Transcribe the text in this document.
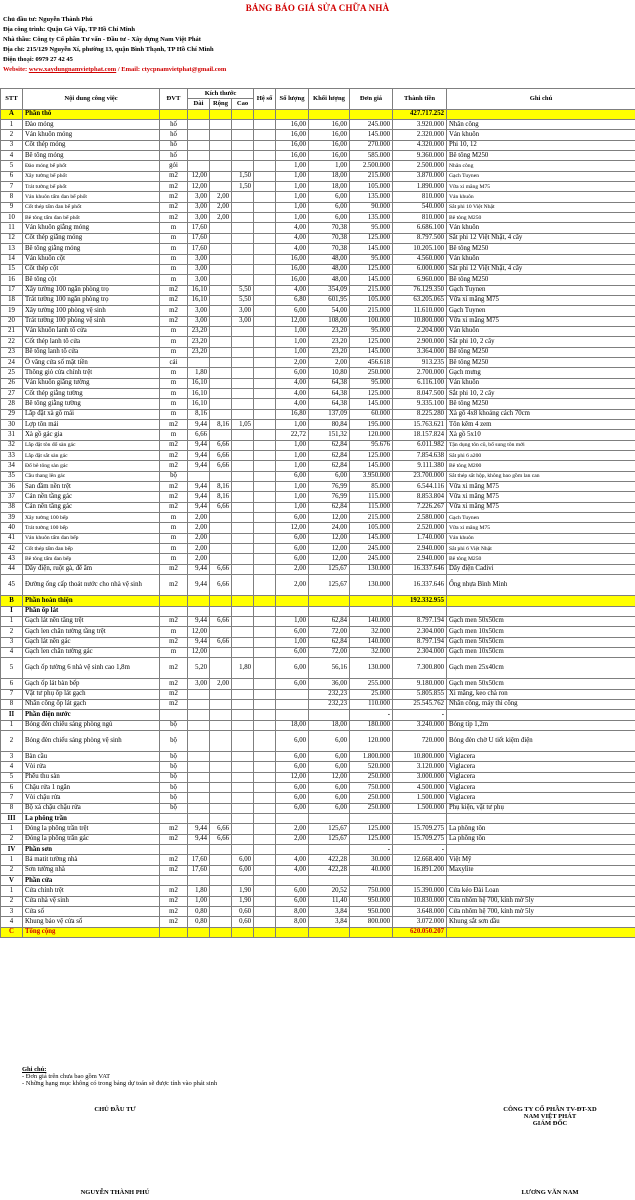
BẢNG BÁO GIÁ SỬA CHỮA NHÀ
Chủ đầu tư: Nguyễn Thành Phú
Địa công trình: Quận Gò Vấp, TP Hồ Chí Minh
Nhà thầu: Công ty Cổ phần Tư vấn - Đầu tư - Xây dựng Nam Việt Phát
Địa chỉ: 215/129 Nguyễn Xí, phường 13, quận Bình Thạnh, TP Hồ Chí Minh
Điện thoại: 0979 27 42 45
Website: www.xaydungnamvietphat.com / Email: ctycpnamvietphat@gmail.com
STT	Nội dung công việc	ĐVT	Kích thước			Hệ số	Số lượng	Khối lượng	Đơn giá	Thành tiền	Ghi chú
			Dài	Rộng	Cao						
A	Phần thô									427.717.252	
1	Đào móng	hố					16,00	16,00	245.000	3.920.000	Nhân công
2	Ván khuôn móng	hố					16,00	16,00	145.000	2.320.000	Ván khuôn
3	Cốt thép móng	hố					16,00	16,00	270.000	4.320.000	Phi 10, 12
4	Bê tông móng	hố					16,00	16,00	585.000	9.360.000	Bê tông M250
5	Đào móng bể phốt	gói					1,00	1,00	2.500.000	2.500.000	Nhân công
6	Xây tường bể phốt	m2	12,00		1,50		1,00	18,00	215.000	3.870.000	Gạch Tuynen
7	Trát tường bể phốt	m2	12,00		1,50		1,00	18,00	105.000	1.890.000	Vữa xi măng M75
8	Ván khuôn tấm đan bể phốt	m2	3,00	2,00			1,00	6,00	135.000	810.000	Ván khuôn
9	Cốt thép tấm đan bể phốt	m2	3,00	2,00			1,00	6,00	90.000	540.000	Sắt phi 10 Việt Nhật
10	Bê tông tấm đan bể phốt	m2	3,00	2,00			1,00	6,00	135.000	810.000	Bê tông M250
11	Ván khuôn giằng móng	m	17,60				4,00	70,38	95.000	6.686.100	Ván khuôn
12	Cốt thép giằng móng	m	17,60				4,00	70,38	125.000	8.797.500	Sắt phi 12 Việt Nhật, 4 cây
13	Bê tông giằng móng	m	17,60				4,00	70,38	145.000	10.205.100	Bê tông M250
14	Ván khuôn cột	m	3,00				16,00	48,00	95.000	4.560.000	Ván khuôn
15	Cốt thép cột	m	3,00				16,00	48,00	125.000	6.000.000	Sắt phi 12 Việt Nhật, 4 cây
16	Bê tông cột	m	3,00				16,00	48,00	145.000	6.960.000	Bê tông M250
17	Xây tường 100 ngăn phòng trọ	m2	16,10		5,50		4,00	354,09	215.000	76.129.350	Gạch Tuynen
18	Trát tường 100 ngăn phòng trọ	m2	16,10		5,50		6,80	601,95	105.000	63.205.065	Vữa xi măng M75
19	Xây tường 100 phòng vệ sinh	m2	3,00		3,00		6,00	54,00	215.000	11.610.000	Gạch Tuynen
20	Trát tường 100 phòng vệ sinh	m2	3,00		3,00		12,00	108,00	100.000	10.800.000	Vữa xi măng M75
21	Ván khuôn lanh tô cửa	m	23,20				1,00	23,20	95.000	2.204.000	Ván khuôn
22	Cốt thép lanh tô cửa	m	23,20				1,00	23,20	125.000	2.900.000	Sắt phi 10, 2 cây
23	Bê tông lanh tô cửa	m	23,20				1,00	23,20	145.000	3.364.000	Bê tông M250
24	Ô văng cửa sổ mặt tiền	cái					2,00	2,00	456.618	913.235	Bê tông M250
25	Thông giỏ cửa chính trệt	m	1,80				6,00	10,80	250.000	2.700.000	Gạch mưng
26	Ván khuôn giằng tường	m	16,10				4,00	64,38	95.000	6.116.100	Ván khuôn
27	Cốt thép giằng tường	m	16,10				4,00	64,38	125.000	8.047.500	Sắt phi 10, 2 cây
28	Bê tông giằng tường	m	16,10				4,00	64,38	145.000	9.335.100	Bê tông M250
29	Lắp đặt xà gồ mái	m	8,16				16,80	137,09	60.000	8.225.280	Xà gồ 4x8 khoảng cách 70cm
30	Lợp tôn mái	m2	9,44	8,16	1,05		1,00	80,84	195.000	15.763.621	Tôn kẽm 4 zem
31	Xà gồ gác gia	m	6,66				22,72	151,32	120.000	18.157.824	Xà gồ 5x10
32	Lắp đặt tôn đổ sàn gác	m2	9,44	6,66			1,00	62,84	95.676	6.011.982	Tận dụng tôn cũ, bổ sung tôn mới
33	Lắp đặt sắt sàn gác	m2	9,44	6,66			1,00	62,84	125.000	7.854.638	Sắt phi 6 a200
34	Đổ bê tông sàn gác	m2	9,44	6,66			1,00	62,84	145.000	9.111.380	Bê tông M200
35	Cầu thang lên gác	bộ					6,00	6,00	3.950.000	23.700.000	Sắt thép sắt hộp, không bao gồm lan can
36	San đầm nền trệt	m2	9,44	8,16			1,00	76,99	85.000	6.544.116	Vữa xi măng M75
37	Cán nền tầng gác	m2	9,44	8,16			1,00	76,99	115.000	8.853.804	Vữa xi măng M75
38	Cán nền tầng gác	m2	9,44	6,66			1,00	62,84	115.000	7.226.267	Vữa xi măng M75
39	Xây tường 100 bếp	m	2,00				6,00	12,00	215.000	2.580.000	Gạch Tuynen
40	Trát tường 100 bếp	m	2,00				12,00	24,00	105.000	2.520.000	Vữa xi măng M75
41	Ván khuôn tấm đan bếp	m	2,00				6,00	12,00	145.000	1.740.000	Ván khuôn
42	Cốt thép tấm đan bếp	m	2,00				6,00	12,00	245.000	2.940.000	Sắt phi 6 Việt Nhật
43	Bê tông tấm đan bếp	m	2,00				6,00	12,00	245.000	2.940.000	Bê tông M250
44	Dây điện, ruột gà, đế âm	m2	9,44	6,66			2,00	125,67	130.000	16.337.646	Dây điện Cadivi
45	Đường ống cấp thoát nước cho nhà vệ sinh	m2	9,44	6,66			2,00	125,67	130.000	16.337.646	Ống nhựa Bình Minh
B	Phần hoàn thiện									192.332.955	
I	Phần ốp lát										
1	Gạch lát nền tầng trệt	m2	9,44	6,66			1,00	62,84	140.000	8.797.194	Gạch men 50x50cm
2	Gạch len chân tường tầng trệt	m	12,00				6,00	72,00	32.000	2.304.000	Gạch men 10x50cm
3	Gạch lát nền gác	m2	9,44	6,66			1,00	62,84	140.000	8.797.194	Gạch men 50x50cm
4	Gạch len chân tường gác	m	12,00				6,00	72,00	32.000	2.304.000	Gạch men 10x50cm
5	Gạch ốp tường 6 nhà vệ sinh cao 1,8m	m2	5,20		1,80		6,00	56,16	130.000	7.300.800	Gạch men 25x40cm
6	Gạch ốp lát bàn bếp	m2	3,00	2,00			6,00	36,00	255.000	9.180.000	Gạch men 50x50cm
7	Vật tư phụ ốp lát gạch	m2						232,23	25.000	5.805.855	Xi măng, keo chà ron
8	Nhân công ốp lát gạch	m2						232,23	110.000	25.545.762	Nhân công, máy thi công
II	Phần điện nước								-	-	
1	Bóng đèn chiếu sáng phòng ngủ	bộ					18,00	18,00	180.000	3.240.000	Bóng típ 1,2m
2	Bóng đèn chiếu sáng phòng vệ sinh	bộ					6,00	6,00	120.000	720.000	Bóng đèn chờ U tiết kiệm điện
3	Bàn cầu	bộ					6,00	6,00	1.800.000	10.800.000	Viglacera
4	Vòi rửa	bộ					6,00	6,00	520.000	3.120.000	Viglacera
5	Phễu thu sàn	bộ					12,00	12,00	250.000	3.000.000	Viglacera
6	Chậu rửa 1 ngăn	bộ					6,00	6,00	750.000	4.500.000	Viglacera
7	Vòi chậu rửa	bộ					6,00	6,00	250.000	1.500.000	Viglacera
8	Bộ xả chậu chậu rửa	bộ					6,00	6,00	250.000	1.500.000	Phụ kiện, vật tư phụ
III	La phông trần										
1	Đóng la phông trần trệt	m2	9,44	6,66			2,00	125,67	125.000	15.709.275	La phông tôn
2	Đóng la phông trần gác	m2	9,44	6,66			2,00	125,67	125.000	15.709.275	La phông tôn
IV	Phần sơn								-	-	
1	Bả matit tường nhà	m2	17,60		6,00		4,00	422,28	30.000	12.668.400	Việt Mỹ
2	Sơn tường nhà	m2	17,60		6,00		4,00	422,28	40.000	16.891.200	Maxylite
V	Phần cửa										
1	Cửa chính trệt	m2	1,80		1,90		6,00	20,52	750.000	15.390.000	Cửa kéo Đài Loan
2	Cửa nhà vệ sinh	m2	1,00		1,90		6,00	11,40	950.000	10.830.000	Cửa nhôm hệ 700, kính mờ 5ly
3	Cửa sổ	m2	0,80		0,60		8,00	3,84	950.000	3.648.000	Cửa nhôm hệ 700, kính mờ 5ly
4	Khung bảo vệ cửa sổ	m2	0,80		0,60		8,00	3,84	800.000	3.072.000	Khung sắt sơn dầu
C	Tổng cộng									620.050.207	
Ghi chú:
- Đơn giá trên chưa bao gồm VAT
- Những hạng mục không có trong bảng dự toán sẽ được tính vào phát sinh
CHỦ ĐẦU TƯ	CÔNG TY CỔ PHẦN TV-ĐT-XD
NAM VIỆT PHÁT
GIÁM ĐỐC
NGUYỄN THÀNH PHÚ	LƯƠNG VĂN NAM
